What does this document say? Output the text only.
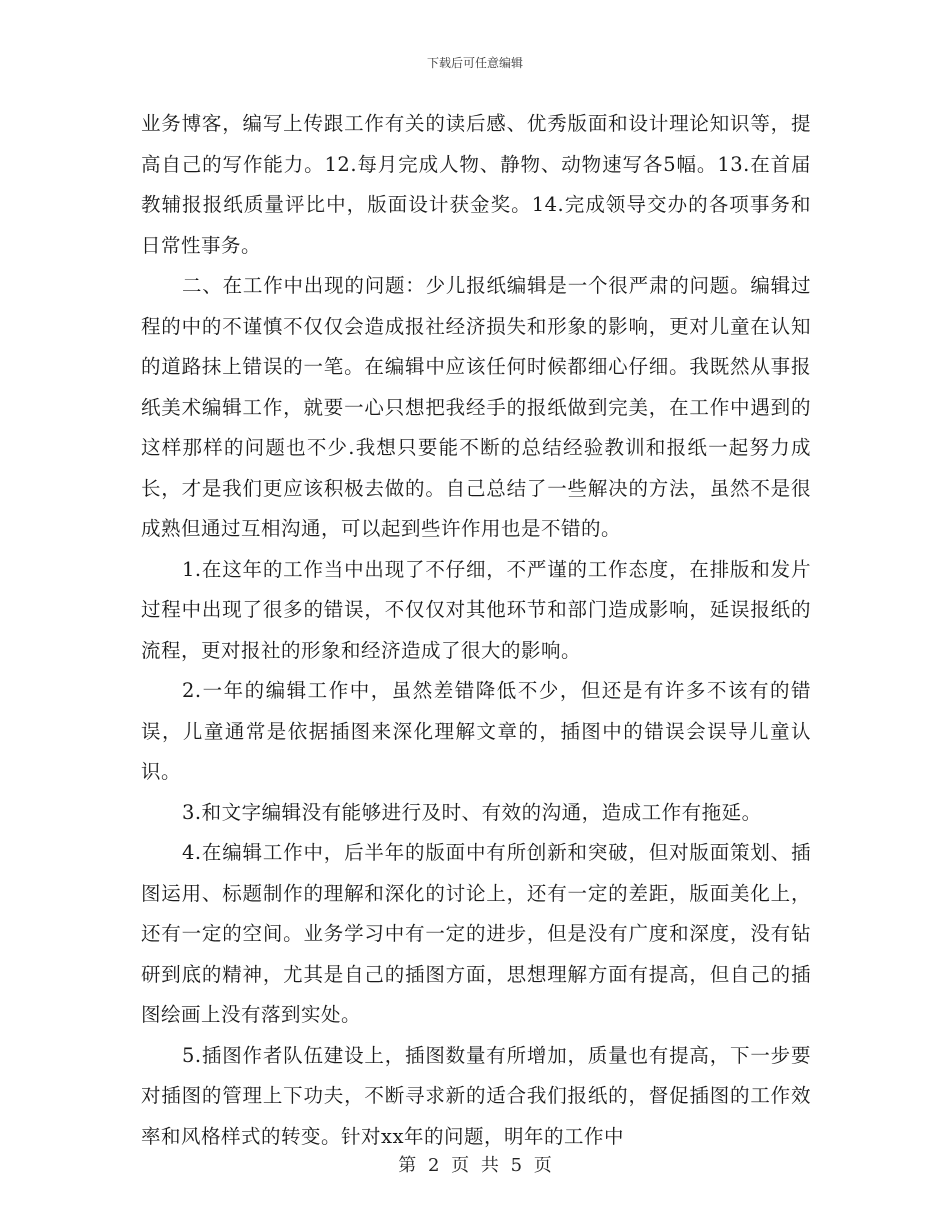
下载后可任意编辑

业务博客，编写上传跟工作有关的读后感、优秀版面和设计理论知识等，提高自己的写作能力。12.每月完成人物、静物、动物速写各5幅。13.在首届教辅报报纸质量评比中，版面设计获金奖。14.完成领导交办的各项事务和日常性事务。

二、在工作中出现的问题：少儿报纸编辑是一个很严肃的问题。编辑过程的中的不谨慎不仅仅会造成报社经济损失和形象的影响，更对儿童在认知的道路抹上错误的一笔。在编辑中应该任何时候都细心仔细。我既然从事报纸美术编辑工作，就要一心只想把我经手的报纸做到完美，在工作中遇到的这样那样的问题也不少.我想只要能不断的总结经验教训和报纸一起努力成长，才是我们更应该积极去做的。自己总结了一些解决的方法，虽然不是很成熟但通过互相沟通，可以起到些许作用也是不错的。

1.在这年的工作当中出现了不仔细，不严谨的工作态度，在排版和发片过程中出现了很多的错误，不仅仅对其他环节和部门造成影响，延误报纸的流程，更对报社的形象和经济造成了很大的影响。

2.一年的编辑工作中，虽然差错降低不少，但还是有许多不该有的错误，儿童通常是依据插图来深化理解文章的，插图中的错误会误导儿童认识。

3.和文字编辑没有能够进行及时、有效的沟通，造成工作有拖延。

4.在编辑工作中，后半年的版面中有所创新和突破，但对版面策划、插图运用、标题制作的理解和深化的讨论上，还有一定的差距，版面美化上，还有一定的空间。业务学习中有一定的进步，但是没有广度和深度，没有钻研到底的精神，尤其是自己的插图方面，思想理解方面有提高，但自己的插图绘画上没有落到实处。

5.插图作者队伍建设上，插图数量有所增加，质量也有提高，下一步要对插图的管理上下功夫，不断寻求新的适合我们报纸的，督促插图的工作效率和风格样式的转变。针对xx年的问题，明年的工作中

第 2 页 共 5 页
